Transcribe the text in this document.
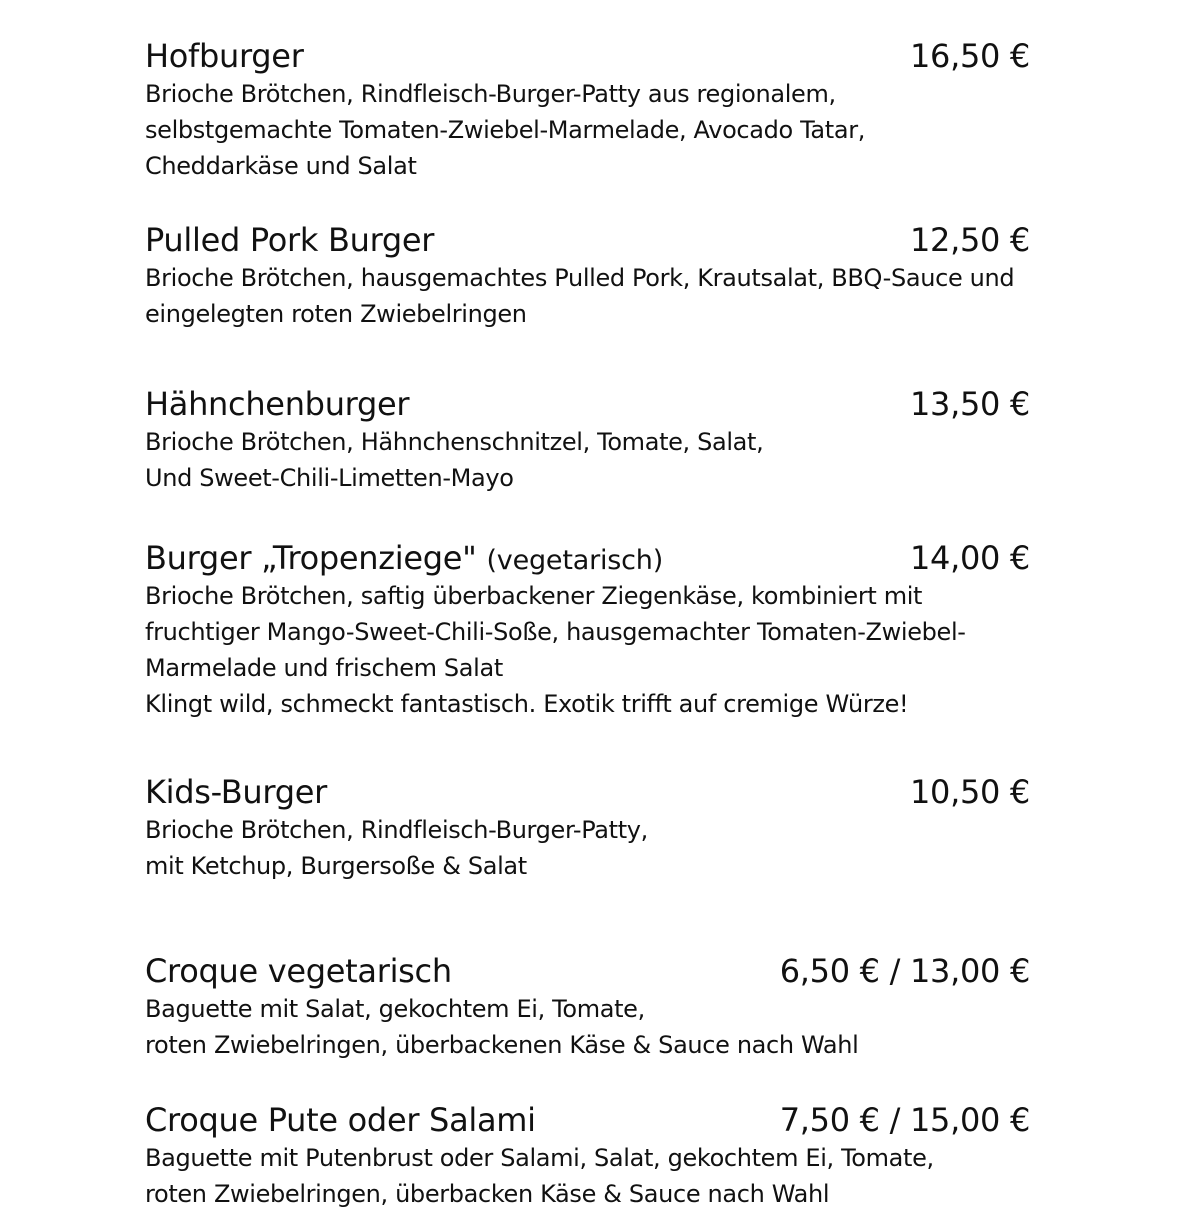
Hofburger	16,50 €
Brioche Brötchen, Rindfleisch-Burger-Patty aus regionalem,
selbstgemachte Tomaten-Zwiebel-Marmelade, Avocado Tatar,
Cheddarkäse und Salat
Pulled Pork Burger	12,50 €
Brioche Brötchen, hausgemachtes Pulled Pork, Krautsalat, BBQ-Sauce und
eingelegten roten Zwiebelringen
Hähnchenburger	13,50 €
Brioche Brötchen, Hähnchenschnitzel, Tomate, Salat,
Und Sweet-Chili-Limetten-Mayo
Burger „Tropenziege" (vegetarisch)	14,00 €
Brioche Brötchen, saftig überbackener Ziegenkäse, kombiniert mit
fruchtiger Mango-Sweet-Chili-Soße, hausgemachter Tomaten-Zwiebel-
Marmelade und frischem Salat
Klingt wild, schmeckt fantastisch. Exotik trifft auf cremige Würze!
Kids-Burger	10,50 €
Brioche Brötchen, Rindfleisch-Burger-Patty,
mit Ketchup, Burgersoße & Salat
Croque vegetarisch	6,50 € / 13,00 €
Baguette mit Salat, gekochtem Ei, Tomate,
roten Zwiebelringen, überbackenen Käse & Sauce nach Wahl
Croque Pute oder Salami	7,50 € / 15,00 €
Baguette mit Putenbrust oder Salami, Salat, gekochtem Ei, Tomate,
roten Zwiebelringen, überbacken Käse & Sauce nach Wahl
